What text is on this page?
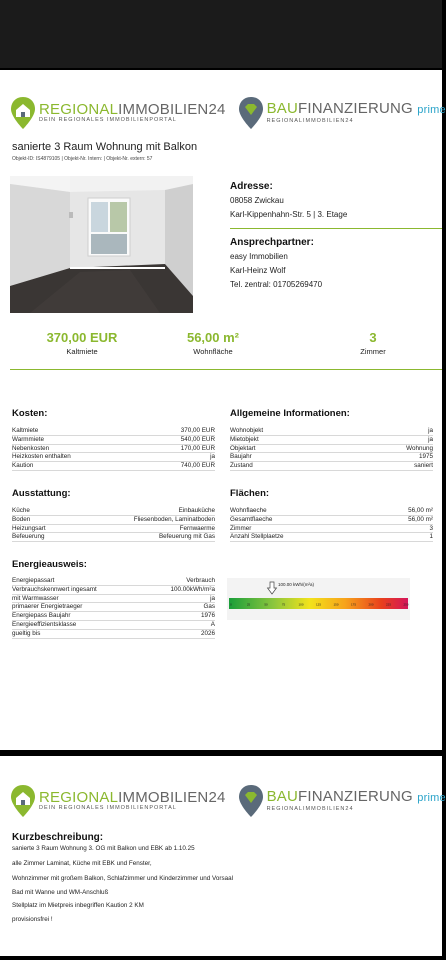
REGIONALIMMOBILIEN24
DEIN REGIONALES IMMOBILIENPORTAL
BAUFINANZIERUNG prime
REGIONALIMMOBILIEN24
sanierte 3 Raum Wohnung mit Balkon
Objekt-ID: IS4879105 | Objekt-Nr. Intern: | Objekt-Nr. extern: 57
Adresse:
08058 Zwickau
Karl-Kippenhahn-Str. 5 | 3. Etage
Ansprechpartner:
easy Immobilien
Karl-Heinz Wolf
Tel. zentral: 01705269470
370,00 EUR
Kaltmiete
56,00 m²
Wohnfläche
3
Zimmer
Kosten:
Kaltmiete	370,00 EUR
Warmmiete	540,00 EUR
Nebenkosten	170,00 EUR
Heizkosten enthalten	ja
Kaution	740,00 EUR
Allgemeine Informationen:
Wohnobjekt	ja
Mietobjekt	ja
Objektart	Wohnung
Baujahr	1975
Zustand	saniert
Ausstattung:
Küche	Einbauküche
Boden	Fliesenboden, Laminatboden
Heizungsart	Fernwaerme
Befeuerung	Befeuerung mit Gas
Flächen:
Wohnflaeche	56,00 m²
Gesamtflaeche	56,00 m²
Zimmer	3
Anzahl Stellplaetze	1
Energieausweis:
Energiepassart	Verbrauch
Verbrauchskennwert ingesamt	100.00kWh/m²a
mit Warmwasser	ja
primaerer Energietraeger	Gas
Energiepass Baujahr	1976
Energieeffizientsklasse	A
gueltig bis	2026
0	25	50	75	100	125	150	175	200	225	250
100.00 kWh/(m²a)
REGIONALIMMOBILIEN24
DEIN REGIONALES IMMOBILIENPORTAL
BAUFINANZIERUNG prime
REGIONALIMMOBILIEN24
Kurzbeschreibung:
sanierte 3 Raum Wohnung 3. OG mit Balkon und EBK ab 1.10.25
alle Zimmer Laminat, Küche mit EBK und Fenster,
Wohnzimmer mit großem Balkon, Schlafzimmer und Kinderzimmer und Vorsaal
Bad mit Wanne und WM-Anschluß
Stellplatz im Mietpreis inbegriffen Kaution 2 KM
provisionsfrei !
